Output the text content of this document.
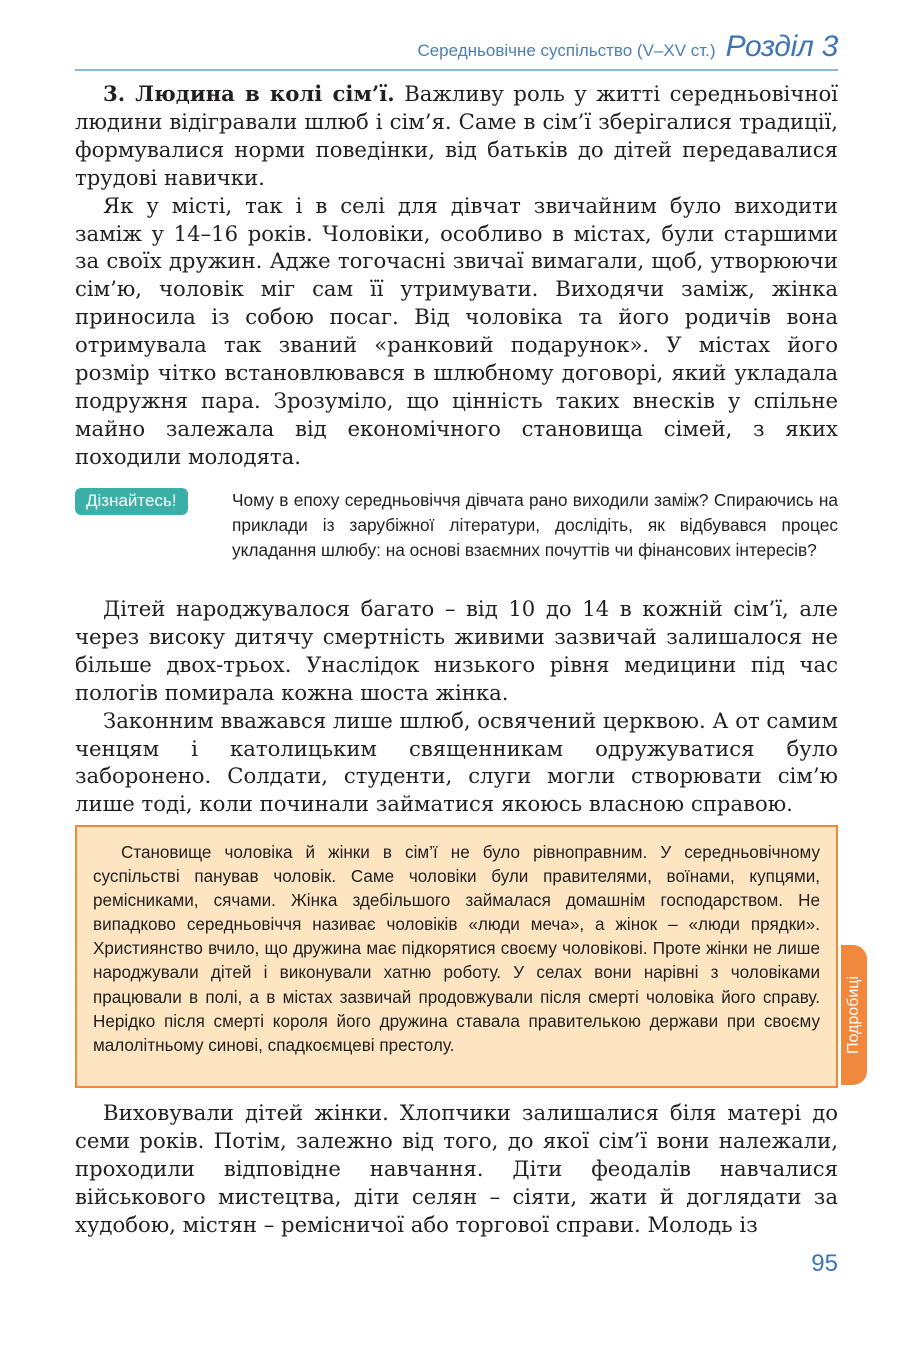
Середньовічне суспільство (V–XV ст.) Розділ 3

3. Людина в колі сім’ї. Важливу роль у житті середньовічної людини відігравали шлюб і сім’я. Саме в сім’ї зберігалися традиції, формувалися норми поведінки, від батьків до дітей передавалися трудові навички.

Як у місті, так і в селі для дівчат звичайним було виходити заміж у 14–16 років. Чоловіки, особливо в містах, були старшими за своїх дружин. Адже тогочасні звичаї вимагали, щоб, утворюючи сім’ю, чоловік міг сам її утримувати. Виходячи заміж, жінка приносила із собою посаг. Від чоловіка та його родичів вона отримувала так званий «ранковий подарунок». У містах його розмір чітко встановлювався в шлюбному договорі, який укладала подружня пара. Зрозуміло, що цінність таких внесків у спільне майно залежала від економічного становища сімей, з яких походили молодята.

Дізнайтесь!	Чому в епоху середньовіччя дівчата рано виходили заміж? Спираючись на приклади із зарубіжної літератури, дослідіть, як відбувався процес укладання шлюбу: на основі взаємних почуттів чи фінансових інтересів?

Дітей народжувалося багато – від 10 до 14 в кожній сім’ї, але через високу дитячу смертність живими зазвичай залишалося не більше двох-трьох. Унаслідок низького рівня медицини під час пологів помирала кожна шоста жінка.

Законним вважався лише шлюб, освячений церквою. А от самим ченцям і католицьким священникам одружуватися було заборонено. Солдати, студенти, слуги могли створювати сім’ю лише тоді, коли починали займатися якоюсь власною справою.

Становище чоловіка й жінки в сім’ї не було рівноправним. У середньовічному суспільстві панував чоловік. Саме чоловіки були правителями, воїнами, купцями, ремісниками, сячами. Жінка здебільшого займалася домашнім господарством. Не випадково середньовіччя називає чоловіків «люди меча», а жінок – «люди прядки». Християнство вчило, що дружина має підкорятися своєму чоловікові. Проте жінки не лише народжували дітей і виконували хатню роботу. У селах вони нарівні з чоловіками працювали в полі, а в містах зазвичай продовжували після смерті чоловіка його справу. Нерідко після смерті короля його дружина ставала правителькою держави при своєму малолітньому синові, спадкоємцеві престолу.	Подробиці

Виховували дітей жінки. Хлопчики залишалися біля матері до семи років. Потім, залежно від того, до якої сім’ї вони належали, проходили відповідне навчання. Діти феодалів навчалися військового мистецтва, діти селян – сіяти, жати й доглядати за худобою, містян – ремісничої або торгової справи. Молодь із

95
